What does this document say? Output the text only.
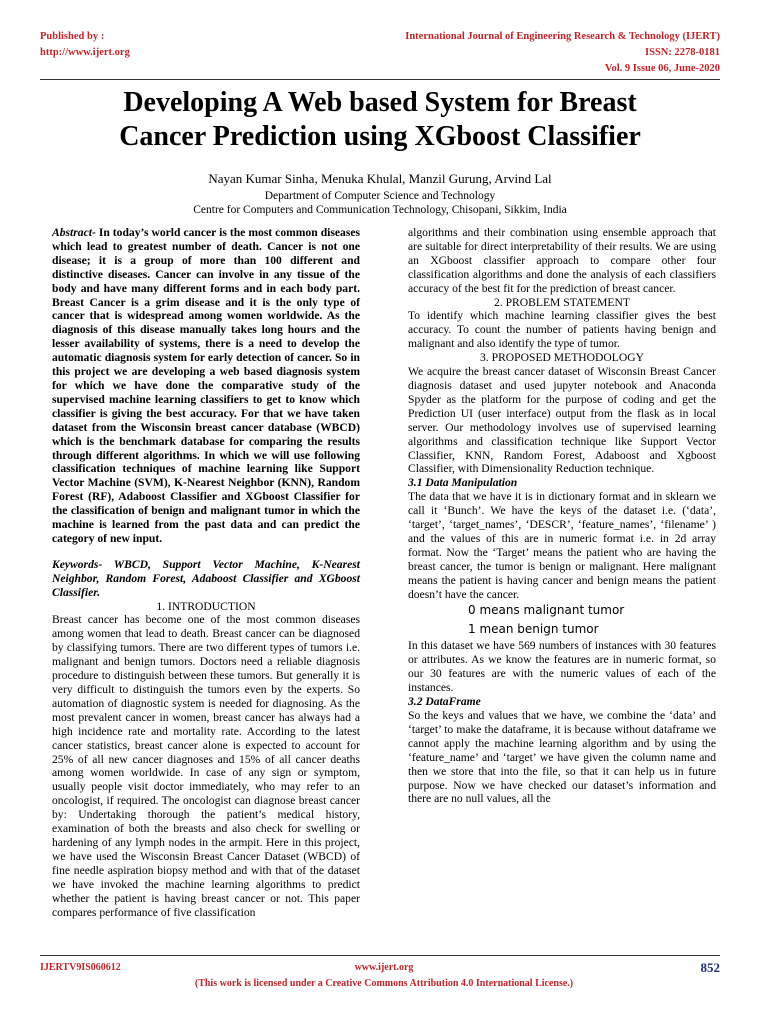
Published by :
http://www.ijert.org
International Journal of Engineering Research & Technology (IJERT)
ISSN: 2278-0181
Vol. 9 Issue 06, June-2020
Developing A Web based System for Breast
Cancer Prediction using XGboost Classifier
Nayan Kumar Sinha, Menuka Khulal, Manzil Gurung, Arvind Lal
Department of Computer Science and Technology
Centre for Computers and Communication Technology, Chisopani, Sikkim, India

Abstract- In today’s world cancer is the most common diseases which lead to greatest number of death. Cancer is not one disease; it is a group of more than 100 different and distinctive diseases. Cancer can involve in any tissue of the body and have many different forms and in each body part. Breast Cancer is a grim disease and it is the only type of cancer that is widespread among women worldwide. As the diagnosis of this disease manually takes long hours and the lesser availability of systems, there is a need to develop the automatic diagnosis system for early detection of cancer. So in this project we are developing a web based diagnosis system for which we have done the comparative study of the supervised machine learning classifiers to get to know which classifier is giving the best accuracy. For that we have taken dataset from the Wisconsin breast cancer database (WBCD) which is the benchmark database for comparing the results through different algorithms. In which we will use following classification techniques of machine learning like Support Vector Machine (SVM), K-Nearest Neighbor (KNN), Random Forest (RF), Adaboost Classifier and XGboost Classifier for the classification of benign and malignant tumor in which the machine is learned from the past data and can predict the category of new input.

Keywords- WBCD, Support Vector Machine, K-Nearest Neighbor, Random Forest, Adaboost Classifier and XGboost Classifier.

1. INTRODUCTION

Breast cancer has become one of the most common diseases among women that lead to death. Breast cancer can be diagnosed by classifying tumors. There are two different types of tumors i.e. malignant and benign tumors. Doctors need a reliable diagnosis procedure to distinguish between these tumors. But generally it is very difficult to distinguish the tumors even by the experts. So automation of diagnostic system is needed for diagnosing. As the most prevalent cancer in women, breast cancer has always had a high incidence rate and mortality rate. According to the latest cancer statistics, breast cancer alone is expected to account for 25% of all new cancer diagnoses and 15% of all cancer deaths among women worldwide. In case of any sign or symptom, usually people visit doctor immediately, who may refer to an oncologist, if required. The oncologist can diagnose breast cancer by: Undertaking thorough the patient’s medical history, examination of both the breasts and also check for swelling or hardening of any lymph nodes in the armpit. Here in this project, we have used the Wisconsin Breast Cancer Dataset (WBCD) of fine needle aspiration biopsy method and with that of the dataset we have invoked the machine learning algorithms to predict whether the patient is having breast cancer or not. This paper compares performance of five classification

algorithms and their combination using ensemble approach that are suitable for direct interpretability of their results. We are using an XGboost classifier approach to compare other four classification algorithms and done the analysis of each classifiers accuracy of the best fit for the prediction of breast cancer.

2. PROBLEM STATEMENT

To identify which machine learning classifier gives the best accuracy. To count the number of patients having benign and malignant and also identify the type of tumor.

3. PROPOSED METHODOLOGY

We acquire the breast cancer dataset of Wisconsin Breast Cancer diagnosis dataset and used jupyter notebook and Anaconda Spyder as the platform for the purpose of coding and get the Prediction UI (user interface) output from the flask as in local server. Our methodology involves use of supervised learning algorithms and classification technique like Support Vector Classifier, KNN, Random Forest, Adaboost and Xgboost Classifier, with Dimensionality Reduction technique.

3.1 Data Manipulation

The data that we have it is in dictionary format and in sklearn we call it ‘Bunch’. We have the keys of the dataset i.e. (‘data’, ‘target’, ‘target_names’, ‘DESCR’, ‘feature_names’, ‘filename’ ) and the values of this are in numeric format i.e. in 2d array format. Now the ‘Target’ means the patient who are having the breast cancer, the tumor is benign or malignant. Here malignant means the patient is having cancer and benign means the patient doesn’t have the cancer.

0 means malignant tumor
1 mean benign tumor

In this dataset we have 569 numbers of instances with 30 features or attributes. As we know the features are in numeric format, so our 30 features are with the numeric values of each of the instances.

3.2 DataFrame

So the keys and values that we have, we combine the ‘data’ and ‘target’ to make the dataframe, it is because without dataframe we cannot apply the machine learning algorithm and by using the ‘feature_name’ and ‘target’ we have given the column name and then we store that into the file, so that it can help us in future purpose. Now we have checked our dataset’s information and there are no null values, all the

IJERTV9IS060612	www.ijert.org
(This work is licensed under a Creative Commons Attribution 4.0 International License.)
852
